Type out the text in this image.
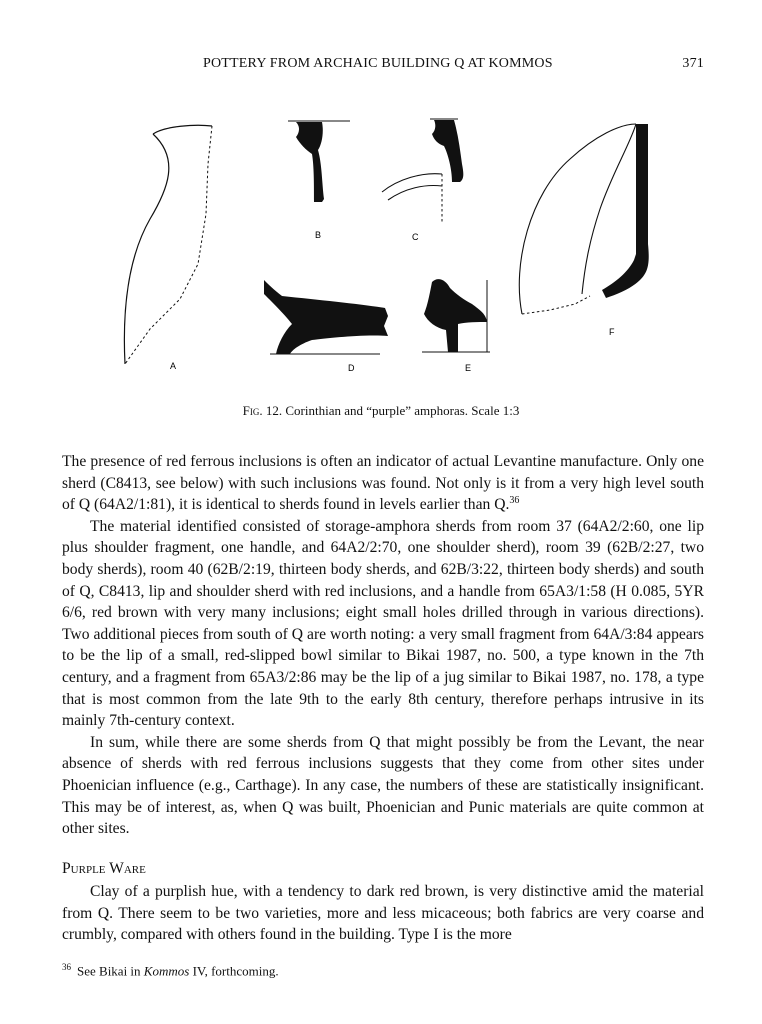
POTTERY FROM ARCHAIC BUILDING Q AT KOMMOS	371
A
B	C
D	E
F
Fig. 12. Corinthian and “purple” amphoras. Scale 1:3

The presence of red ferrous inclusions is often an indicator of actual Levantine manufacture. Only one sherd (C8413, see below) with such inclusions was found. Not only is it from a very high level south of Q (64A2/1:81), it is identical to sherds found in levels earlier than Q.$^{36}$

The material identified consisted of storage-amphora sherds from room 37 (64A2/2:60, one lip plus shoulder fragment, one handle, and 64A2/2:70, one shoulder sherd), room 39 (62B/2:27, two body sherds), room 40 (62B/2:19, thirteen body sherds, and 62B/3:22, thirteen body sherds) and south of Q, C8413, lip and shoulder sherd with red inclusions, and a handle from 65A3/1:58 (H 0.085, 5YR 6/6, red brown with very many inclusions; eight small holes drilled through in various directions). Two additional pieces from south of Q are worth noting: a very small fragment from 64A/3:84 appears to be the lip of a small, red-slipped bowl similar to Bikai 1987, no. 500, a type known in the 7th century, and a fragment from 65A3/2:86 may be the lip of a jug similar to Bikai 1987, no. 178, a type that is most common from the late 9th to the early 8th century, therefore perhaps intrusive in its mainly 7th-century context.

In sum, while there are some sherds from Q that might possibly be from the Levant, the near absence of sherds with red ferrous inclusions suggests that they come from other sites under Phoenician influence (e.g., Carthage). In any case, the numbers of these are statistically insignificant. This may be of interest, as, when Q was built, Phoenician and Punic materials are quite common at other sites.

Purple Ware

Clay of a purplish hue, with a tendency to dark red brown, is very distinctive amid the material from Q. There seem to be two varieties, more and less micaceous; both fabrics are very coarse and crumbly, compared with others found in the building. Type I is the more

$^{36}$ See Bikai in Kommos IV, forthcoming.
